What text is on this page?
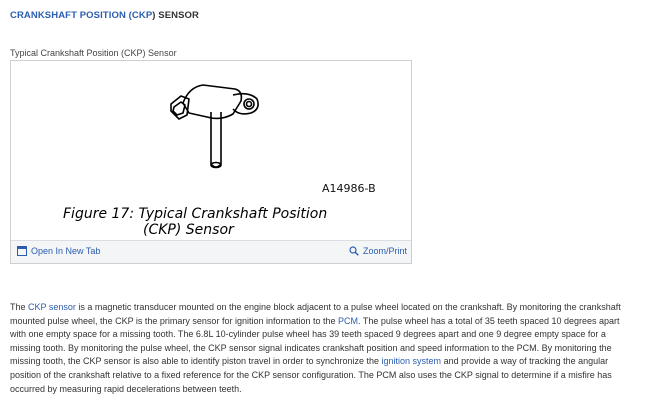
CRANKSHAFT POSITION (CKP) SENSOR
Typical Crankshaft Position (CKP) Sensor
A14986-B
Figure 17: Typical Crankshaft Position
(CKP) Sensor
Open In New Tab	Zoom/Print
The CKP sensor is a magnetic transducer mounted on the engine block adjacent to a pulse wheel located on the crankshaft. By monitoring the crankshaft mounted pulse wheel, the CKP is the primary sensor for ignition information to the PCM. The pulse wheel has a total of 35 teeth spaced 10 degrees apart with one empty space for a missing tooth. The 6.8L 10-cylinder pulse wheel has 39 teeth spaced 9 degrees apart and one 9 degree empty space for a missing tooth. By monitoring the pulse wheel, the CKP sensor signal indicates crankshaft position and speed information to the PCM. By monitoring the missing tooth, the CKP sensor is also able to identify piston travel in order to synchronize the ignition system and provide a way of tracking the angular position of the crankshaft relative to a fixed reference for the CKP sensor configuration. The PCM also uses the CKP signal to determine if a misfire has occurred by measuring rapid decelerations between teeth.
